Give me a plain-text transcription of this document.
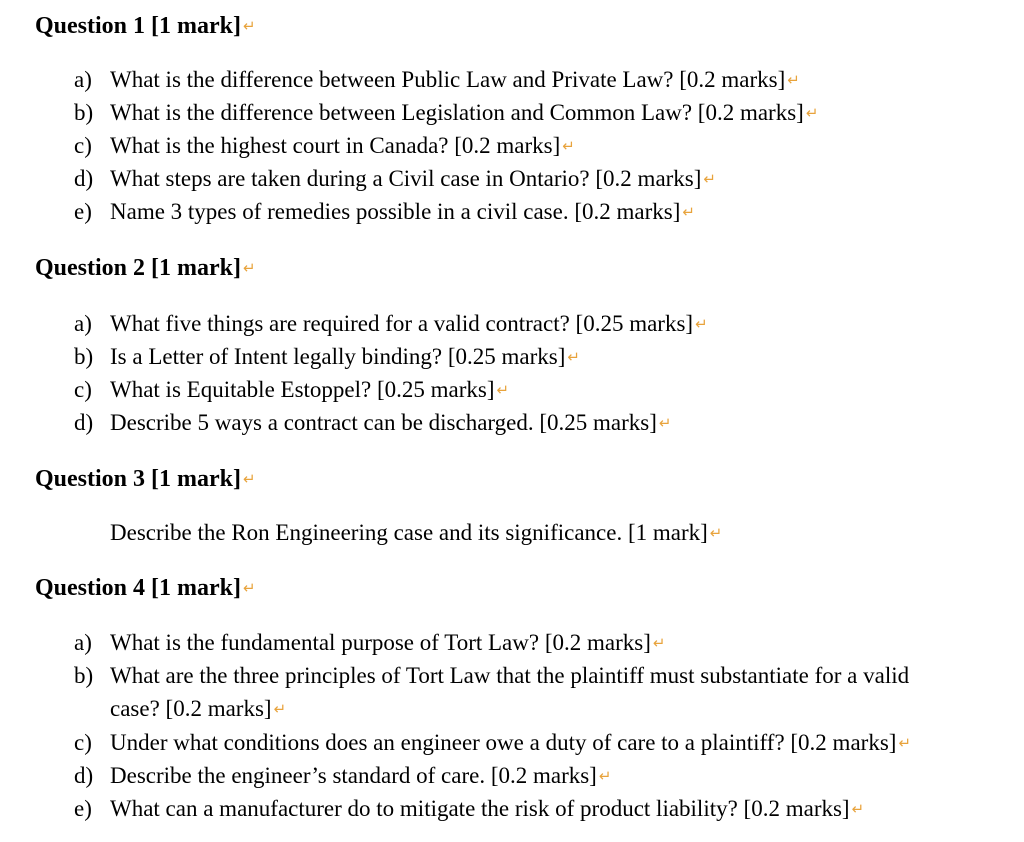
Question 1 [1 mark] ↵
a) What is the difference between Public Law and Private Law? [0.2 marks] ↵
b) What is the difference between Legislation and Common Law? [0.2 marks] ↵
c) What is the highest court in Canada? [0.2 marks] ↵
d) What steps are taken during a Civil case in Ontario? [0.2 marks] ↵
e) Name 3 types of remedies possible in a civil case. [0.2 marks] ↵
Question 2 [1 mark] ↵
a) What five things are required for a valid contract? [0.25 marks] ↵
b) Is a Letter of Intent legally binding? [0.25 marks] ↵
c) What is Equitable Estoppel? [0.25 marks] ↵
d) Describe 5 ways a contract can be discharged. [0.25 marks] ↵
Question 3 [1 mark] ↵
Describe the Ron Engineering case and its significance. [1 mark] ↵
Question 4 [1 mark] ↵
a) What is the fundamental purpose of Tort Law? [0.2 marks] ↵
b) What are the three principles of Tort Law that the plaintiff must substantiate for a valid
case? [0.2 marks] ↵
c) Under what conditions does an engineer owe a duty of care to a plaintiff? [0.2 marks] ↵
d) Describe the engineer’s standard of care. [0.2 marks] ↵
e) What can a manufacturer do to mitigate the risk of product liability? [0.2 marks] ↵
